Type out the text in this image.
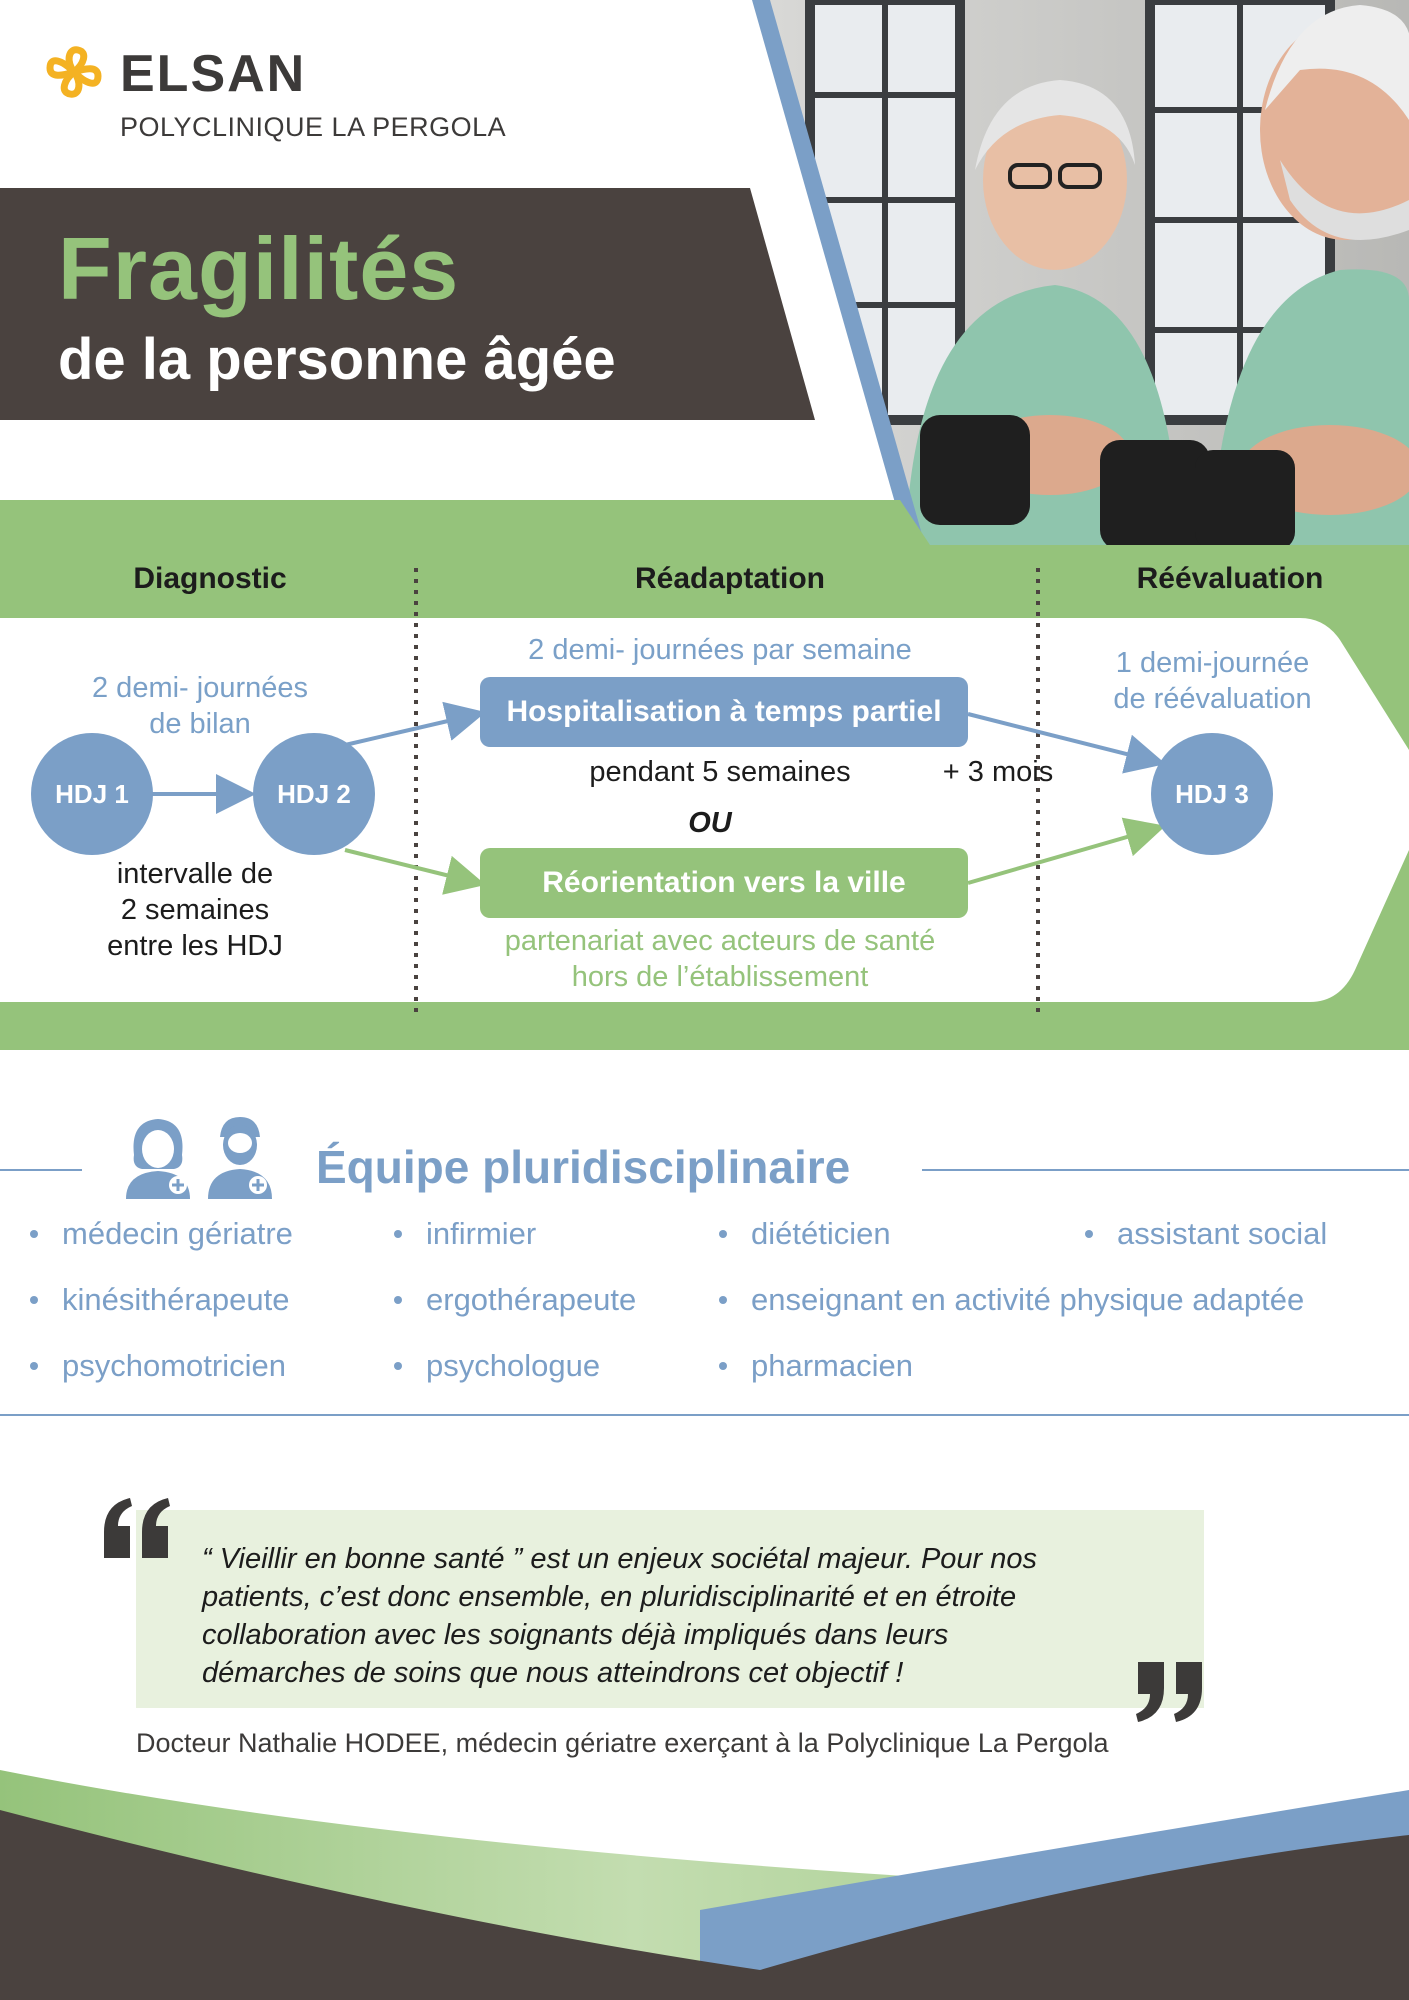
ELSAN
POLYCLINIQUE LA PERGOLA
Fragilités
de la personne âgée
Diagnostic	Réadaptation	Réévaluation
2 demi- journées
de bilan
HDJ 1	HDJ 2
intervalle de
2 semaines
entre les HDJ
2 demi- journées par semaine
Hospitalisation à temps partiel
pendant 5 semaines
OU
Réorientation vers la ville
partenariat avec acteurs de santé
hors de l’établissement
1 demi-journée
de réévaluation
+ 3 mois
HDJ 3
Équipe pluridisciplinaire
médecin gériatre	infirmier	diététicien	assistant social
kinésithérapeute	ergothérapeute	enseignant en activité physique adaptée
psychomotricien	psychologue	pharmacien
“ Vieillir en bonne santé ” est un enjeux sociétal majeur. Pour nos
patients, c’est donc ensemble, en pluridisciplinarité et en étroite
collaboration avec les soignants déjà impliqués dans leurs
démarches de soins que nous atteindrons cet objectif !
Docteur Nathalie HODEE, médecin gériatre exerçant à la Polyclinique La Pergola
